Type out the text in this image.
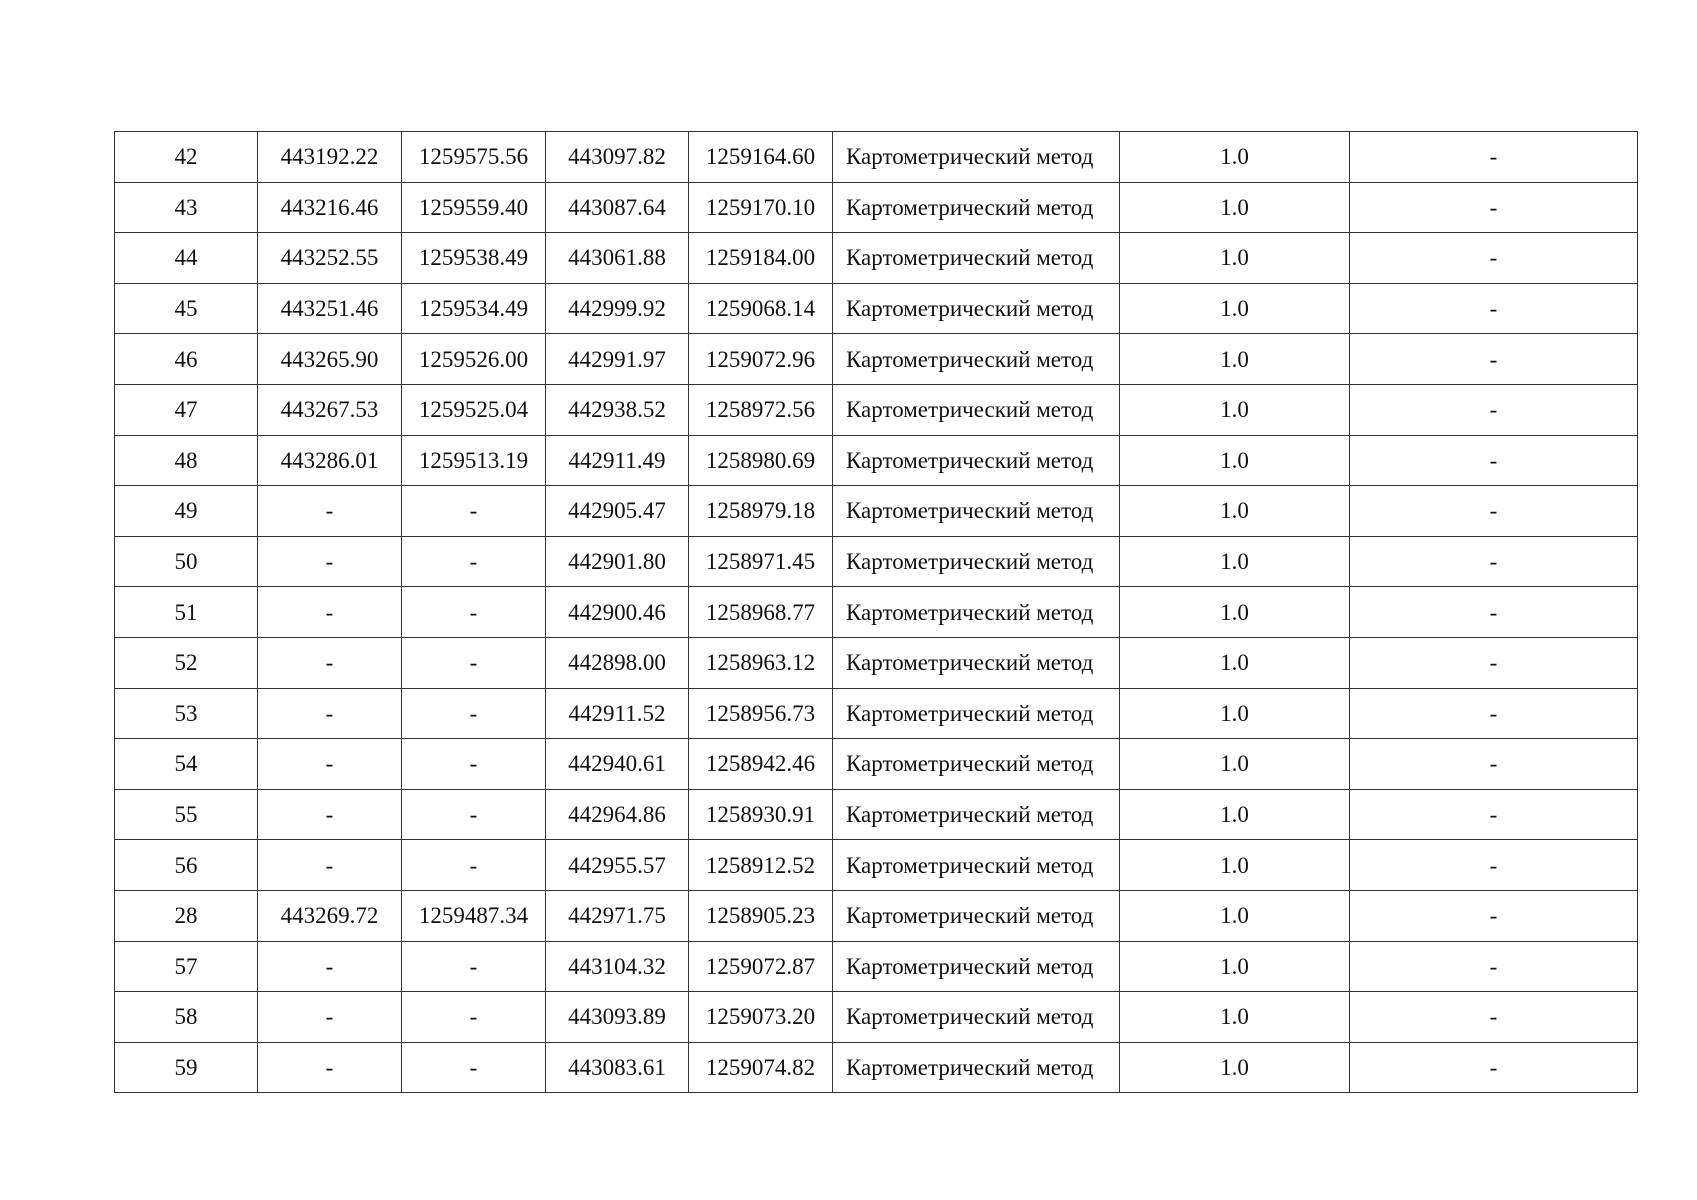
42	443192.22	1259575.56	443097.82	1259164.60	Картометрический метод	1.0	-
43	443216.46	1259559.40	443087.64	1259170.10	Картометрический метод	1.0	-
44	443252.55	1259538.49	443061.88	1259184.00	Картометрический метод	1.0	-
45	443251.46	1259534.49	442999.92	1259068.14	Картометрический метод	1.0	-
46	443265.90	1259526.00	442991.97	1259072.96	Картометрический метод	1.0	-
47	443267.53	1259525.04	442938.52	1258972.56	Картометрический метод	1.0	-
48	443286.01	1259513.19	442911.49	1258980.69	Картометрический метод	1.0	-
49	-	-	442905.47	1258979.18	Картометрический метод	1.0	-
50	-	-	442901.80	1258971.45	Картометрический метод	1.0	-
51	-	-	442900.46	1258968.77	Картометрический метод	1.0	-
52	-	-	442898.00	1258963.12	Картометрический метод	1.0	-
53	-	-	442911.52	1258956.73	Картометрический метод	1.0	-
54	-	-	442940.61	1258942.46	Картометрический метод	1.0	-
55	-	-	442964.86	1258930.91	Картометрический метод	1.0	-
56	-	-	442955.57	1258912.52	Картометрический метод	1.0	-
28	443269.72	1259487.34	442971.75	1258905.23	Картометрический метод	1.0	-
57	-	-	443104.32	1259072.87	Картометрический метод	1.0	-
58	-	-	443093.89	1259073.20	Картометрический метод	1.0	-
59	-	-	443083.61	1259074.82	Картометрический метод	1.0	-
